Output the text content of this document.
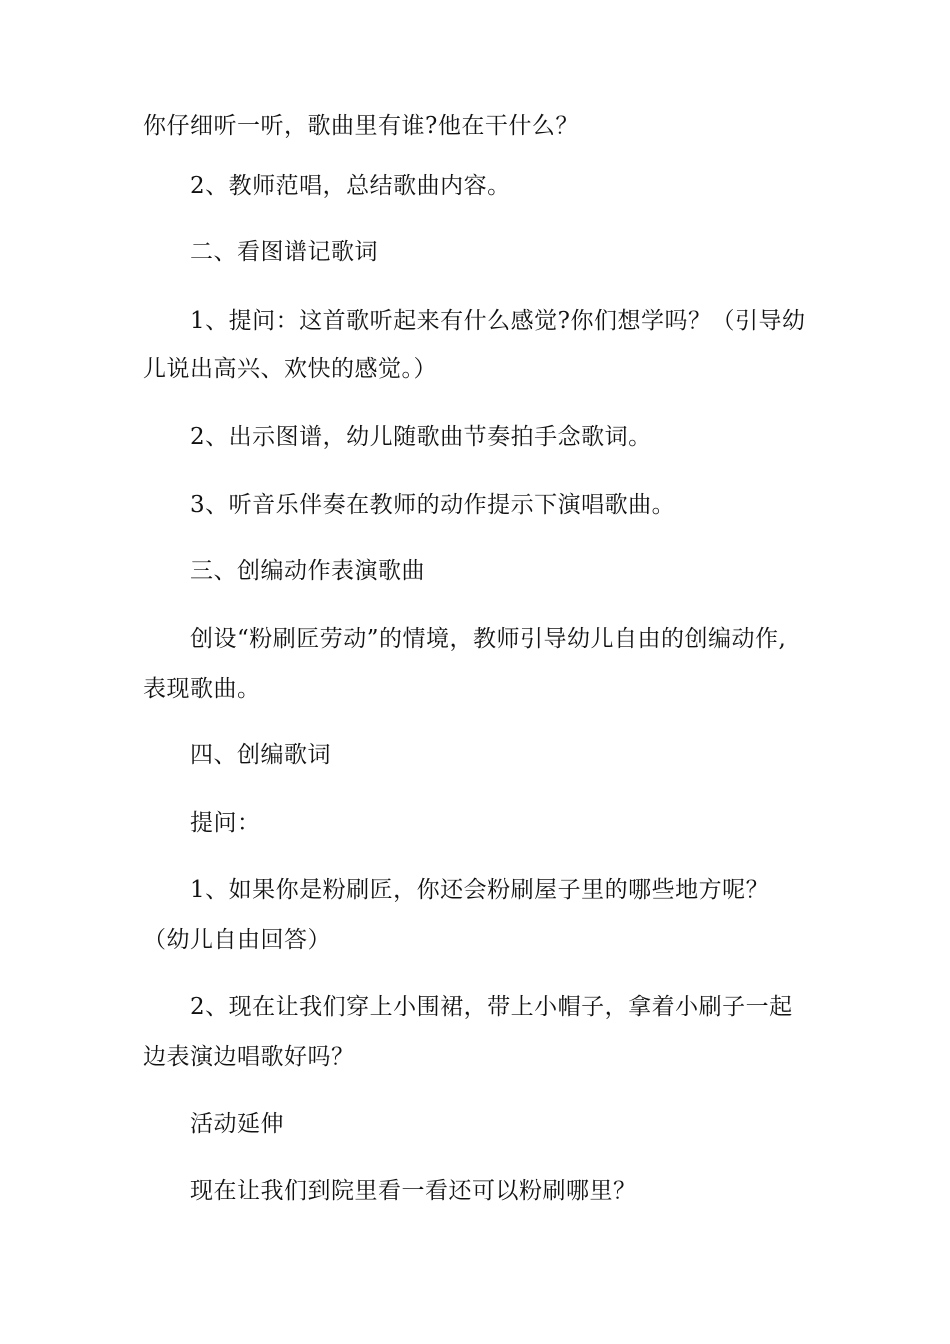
你仔细听一听，歌曲里有谁?他在干什么？
2、教师范唱，总结歌曲内容。
二、看图谱记歌词
1、提问：这首歌听起来有什么感觉?你们想学吗？（引导幼
儿说出高兴、欢快的感觉。）
2、出示图谱，幼儿随歌曲节奏拍手念歌词。
3、听音乐伴奏在教师的动作提示下演唱歌曲。
三、创编动作表演歌曲
创设“粉刷匠劳动”的情境，教师引导幼儿自由的创编动作,
表现歌曲。
四、创编歌词
提问：
1、如果你是粉刷匠，你还会粉刷屋子里的哪些地方呢？
（幼儿自由回答）
2、现在让我们穿上小围裙，带上小帽子，拿着小刷子一起
边表演边唱歌好吗？
活动延伸
现在让我们到院里看一看还可以粉刷哪里？
